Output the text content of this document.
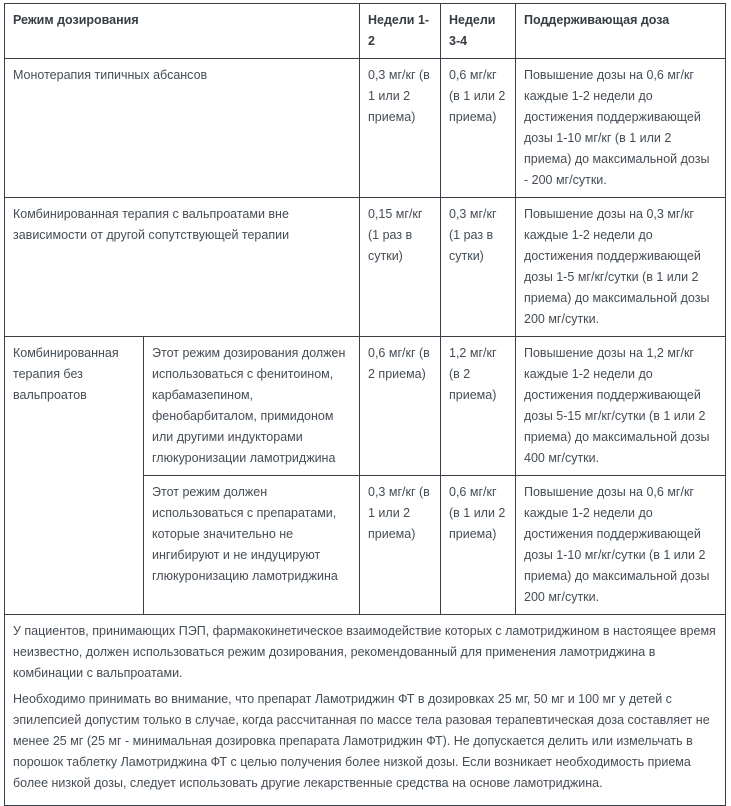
Режим дозирования		Недели 1-2	Недели 3-4	Поддерживающая доза
Монотерапия типичных абсансов		0,3 мг/кг (в 1 или 2 приема)	0,6 мг/кг (в 1 или 2 приема)	Повышение дозы на 0,6 мг/кг каждые 1-2 недели до достижения поддерживающей дозы 1-10 мг/кг (в 1 или 2 приема) до максимальной дозы - 200 мг/сутки.
Комбинированная терапия с вальпроатами вне зависимости от другой сопутствующей терапии		0,15 мг/кг (1 раз в сутки)	0,3 мг/кг (1 раз в сутки)	Повышение дозы на 0,3 мг/кг каждые 1-2 недели до достижения поддерживающей дозы 1-5 мг/кг/сутки (в 1 или 2 приема) до максимальной дозы 200 мг/сутки.
Комбинированная терапия без вальпроатов	Этот режим дозирования должен использоваться с фенитоином, карбамазепином, фенобарбиталом, примидоном или другими индукторами глюкуронизации ламотриджина	0,6 мг/кг (в 2 приема)	1,2 мг/кг (в 2 приема)	Повышение дозы на 1,2 мг/кг каждые 1-2 недели до достижения поддерживающей дозы 5-15 мг/кг/сутки (в 1 или 2 приема) до максимальной дозы 400 мг/сутки.
	Этот режим должен использоваться с препаратами, которые значительно не ингибируют и не индуцируют глюкуронизацию ламотриджина	0,3 мг/кг (в 1 или 2 приема)	0,6 мг/кг (в 1 или 2 приема)	Повышение дозы на 0,6 мг/кг каждые 1-2 недели до достижения поддерживающей дозы 1-10 мг/кг/сутки (в 1 или 2 приема) до максимальной дозы 200 мг/сутки.

У пациентов, принимающих ПЭП, фармакокинетическое взаимодействие которых с ламотриджином в настоящее время неизвестно, должен использоваться режим дозирования, рекомендованный для применения ламотриджина в комбинации с вальпроатами.

Необходимо принимать во внимание, что препарат Ламотриджин ФТ в дозировках 25 мг, 50 мг и 100 мг у детей с эпилепсией допустим только в случае, когда рассчитанная по массе тела разовая терапевтическая доза составляет не менее 25 мг (25 мг - минимальная дозировка препарата Ламотриджин ФТ). Не допускается делить или измельчать в порошок таблетку Ламотриджина ФТ с целью получения более низкой дозы. Если возникает необходимость приема более низкой дозы, следует использовать другие лекарственные средства на основе ламотриджина.				
